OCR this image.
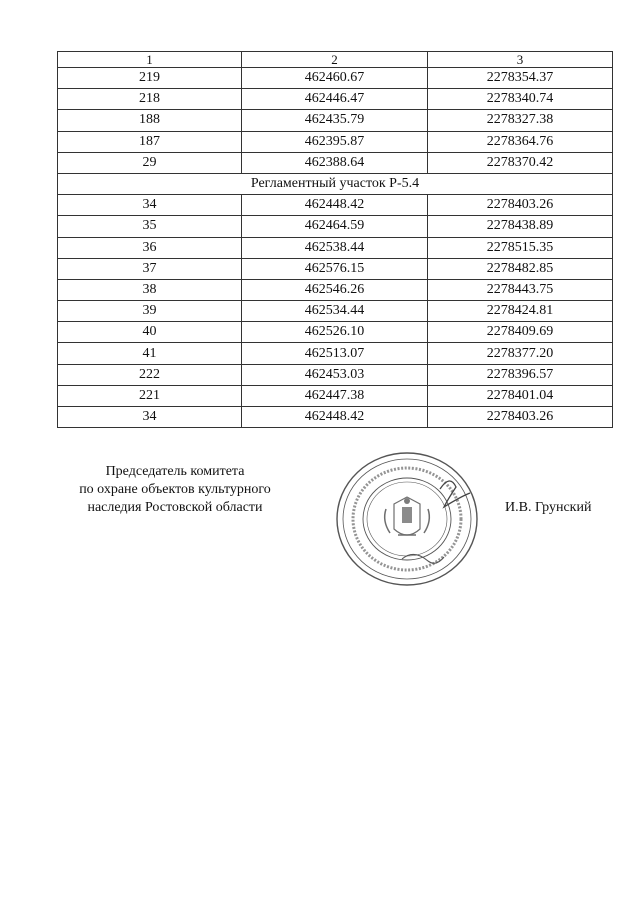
1	2	3
219	462460.67	2278354.37
218	462446.47	2278340.74
188	462435.79	2278327.38
187	462395.87	2278364.76
29	462388.64	2278370.42
Регламентный участок Р-5.4		
34	462448.42	2278403.26
35	462464.59	2278438.89
36	462538.44	2278515.35
37	462576.15	2278482.85
38	462546.26	2278443.75
39	462534.44	2278424.81
40	462526.10	2278409.69
41	462513.07	2278377.20
222	462453.03	2278396.57
221	462447.38	2278401.04
34	462448.42	2278403.26
Председатель комитета
по охране объектов культурного
наследия Ростовской области	И.В. Грунский
